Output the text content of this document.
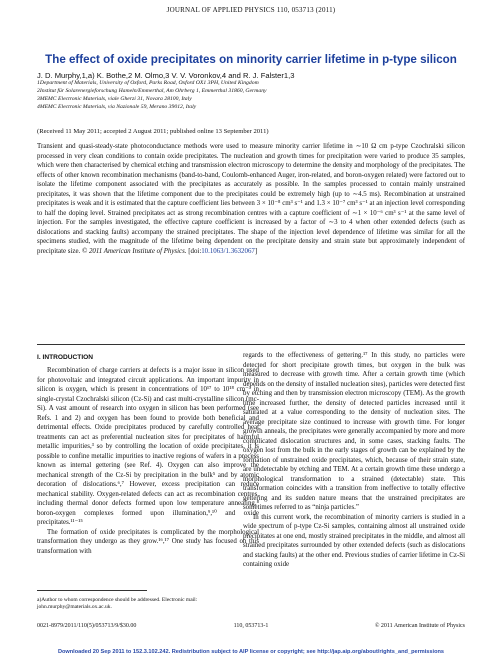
JOURNAL OF APPLIED PHYSICS 110, 053713 (2011)
The effect of oxide precipitates on minority carrier lifetime in p-type silicon
J. D. Murphy,1,a) K. Bothe,2 M. Olmo,3 V. V. Voronkov,4 and R. J. Falster1,3
1Department of Materials, University of Oxford, Parks Road, Oxford OX1 3PH, United Kingdom
2Institut für Solarenergieforschung Hameln/Emmerthal, Am Ohrberg 1, Emmerthal 31860, Germany
3MEMC Electronic Materials, viale Gherzi 31, Novara 28100, Italy
4MEMC Electronic Materials, via Nazionale 59, Merano 39012, Italy
(Received 11 May 2011; accepted 2 August 2011; published online 13 September 2011)
Transient and quasi-steady-state photoconductance methods were used to measure minority carrier lifetime in ∼10 Ω cm p-type Czochralski silicon processed in very clean conditions to contain oxide precipitates. The nucleation and growth times for precipitation were varied to produce 35 samples, which were then characterised by chemical etching and transmission electron microscopy to determine the density and morphology of the precipitates. The effects of other known recombination mechanisms (band-to-band, Coulomb-enhanced Auger, iron-related, and boron-oxygen related) were factored out to isolate the lifetime component associated with the precipitates as accurately as possible. In the samples processed to contain mainly unstrained precipitates, it was shown that the lifetime component due to the precipitates could be extremely high (up to ∼4.5 ms). Recombination at unstrained precipitates is weak and it is estimated that the capture coefficient lies between 3 × 10⁻⁸ cm³ s⁻¹ and 1.3 × 10⁻⁷ cm³ s⁻¹ at an injection level corresponding to half the doping level. Strained precipitates act as strong recombination centres with a capture coefficient of ∼1 × 10⁻⁶ cm³ s⁻¹ at the same level of injection. For the samples investigated, the effective capture coefficient is increased by a factor of ∼3 to 4 when other extended defects (such as dislocations and stacking faults) accompany the strained precipitates. The shape of the injection level dependence of lifetime was similar for all the specimens studied, with the magnitude of the lifetime being dependent on the precipitate density and strain state but approximately independent of precipitate size. © 2011 American Institute of Physics. [doi:10.1063/1.3632067]
I. INTRODUCTION

Recombination of charge carriers at defects is a major issue in silicon used for photovoltaic and integrated circuit applications. An important impurity in silicon is oxygen, which is present in concentrations of 10¹⁷ to 10¹⁸ cm⁻³ in single-crystal Czochralski silicon (Cz-Si) and cast multi-crystalline silicon (mc-Si). A vast amount of research into oxygen in silicon has been performed (see Refs. 1 and 2) and oxygen has been found to provide both beneficial and detrimental effects. Oxide precipitates produced by carefully controlled heat treatments can act as preferential nucleation sites for precipitates of harmful metallic impurities,³ so by controlling the location of oxide precipitates, it is possible to confine metallic impurities to inactive regions of wafers in a process known as internal gettering (see Ref. 4). Oxygen can also improve the mechanical strength of the Cz-Si by precipitation in the bulk⁵ and by atomic decoration of dislocations.⁶,⁷ However, excess precipitation can reduce mechanical stability. Oxygen-related defects can act as recombination centres, including thermal donor defects formed upon low temperature annealing,⁸ boron-oxygen complexes formed upon illumination,⁹,¹⁰ and oxide precipitates.¹¹⁻¹⁵

The formation of oxide precipitates is complicated by the morphological transformation they undergo as they grow.¹⁶,¹⁷ One study has focused on this transformation with

a)Author to whom correspondence should be addressed. Electronic mail: john.murphy@materials.ox.ac.uk.

regards to the effectiveness of gettering.¹⁷ In this study, no particles were detected for short precipitate growth times, but oxygen in the bulk was measured to decrease with growth time. After a certain growth time (which depends on the density of installed nucleation sites), particles were detected first by etching and then by transmission electron microscopy (TEM). As the growth time increased further, the density of detected particles increased until it saturated at a value corresponding to the density of nucleation sites. The average precipitate size continued to increase with growth time. For longer growth anneals, the precipitates were generally accompanied by more and more complicated dislocation structures and, in some cases, stacking faults. The oxygen lost from the bulk in the early stages of growth can be explained by the formation of unstrained oxide precipitates, which, because of their strain state, are undetectable by etching and TEM. At a certain growth time these undergo a morphological transformation to a strained (detectable) state. This transformation coincides with a transition from ineffective to totally effective gettering and its sudden nature means that the unstrained precipitates are sometimes referred to as “ninja particles.”

In this current work, the recombination of minority carriers is studied in a wide spectrum of p-type Cz-Si samples, containing almost all unstrained oxide precipitates at one end, mostly strained precipitates in the middle, and almost all strained precipitates surrounded by other extended defects (such as dislocations and stacking faults) at the other end. Previous studies of carrier lifetime in Cz-Si containing oxide

0021-8979/2011/110(5)/053713/9/$30.00	110, 053713-1	© 2011 American Institute of Physics
Downloaded 20 Sep 2011 to 152.3.102.242. Redistribution subject to AIP license or copyright; see http://jap.aip.org/about/rights_and_permissions
